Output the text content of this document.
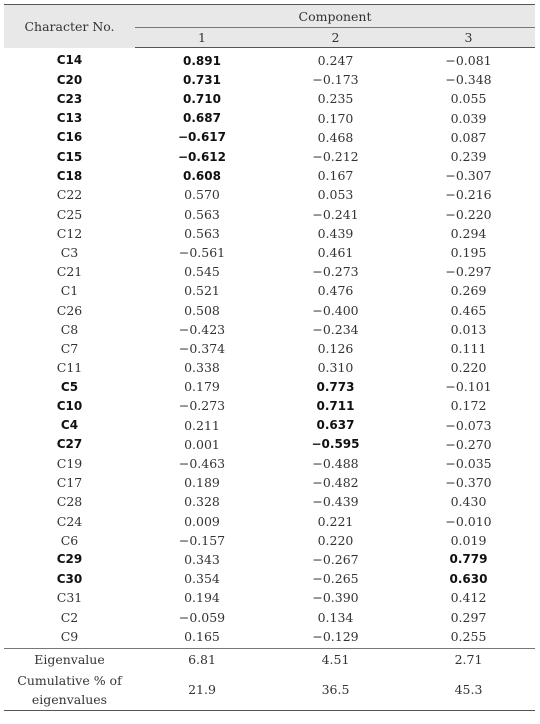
Character No.	Component		
	1	2	3
C14	0.891	0.247	−0.081
C20	0.731	−0.173	−0.348
C23	0.710	0.235	0.055
C13	0.687	0.170	0.039
C16	−0.617	0.468	0.087
C15	−0.612	−0.212	0.239
C18	0.608	0.167	−0.307
C22	0.570	0.053	−0.216
C25	0.563	−0.241	−0.220
C12	0.563	0.439	0.294
C3	−0.561	0.461	0.195
C21	0.545	−0.273	−0.297
C1	0.521	0.476	0.269
C26	0.508	−0.400	0.465
C8	−0.423	−0.234	0.013
C7	−0.374	0.126	0.111
C11	0.338	0.310	0.220
C5	0.179	0.773	−0.101
C10	−0.273	0.711	0.172
C4	0.211	0.637	−0.073
C27	0.001	−0.595	−0.270
C19	−0.463	−0.488	−0.035
C17	0.189	−0.482	−0.370
C28	0.328	−0.439	0.430
C24	0.009	0.221	−0.010
C6	−0.157	0.220	0.019
C29	0.343	−0.267	0.779
C30	0.354	−0.265	0.630
C31	0.194	−0.390	0.412
C2	−0.059	0.134	0.297
C9	0.165	−0.129	0.255
Eigenvalue	6.81	4.51	2.71

Cumulative % of eigenvalues	21.9	36.5	45.3
